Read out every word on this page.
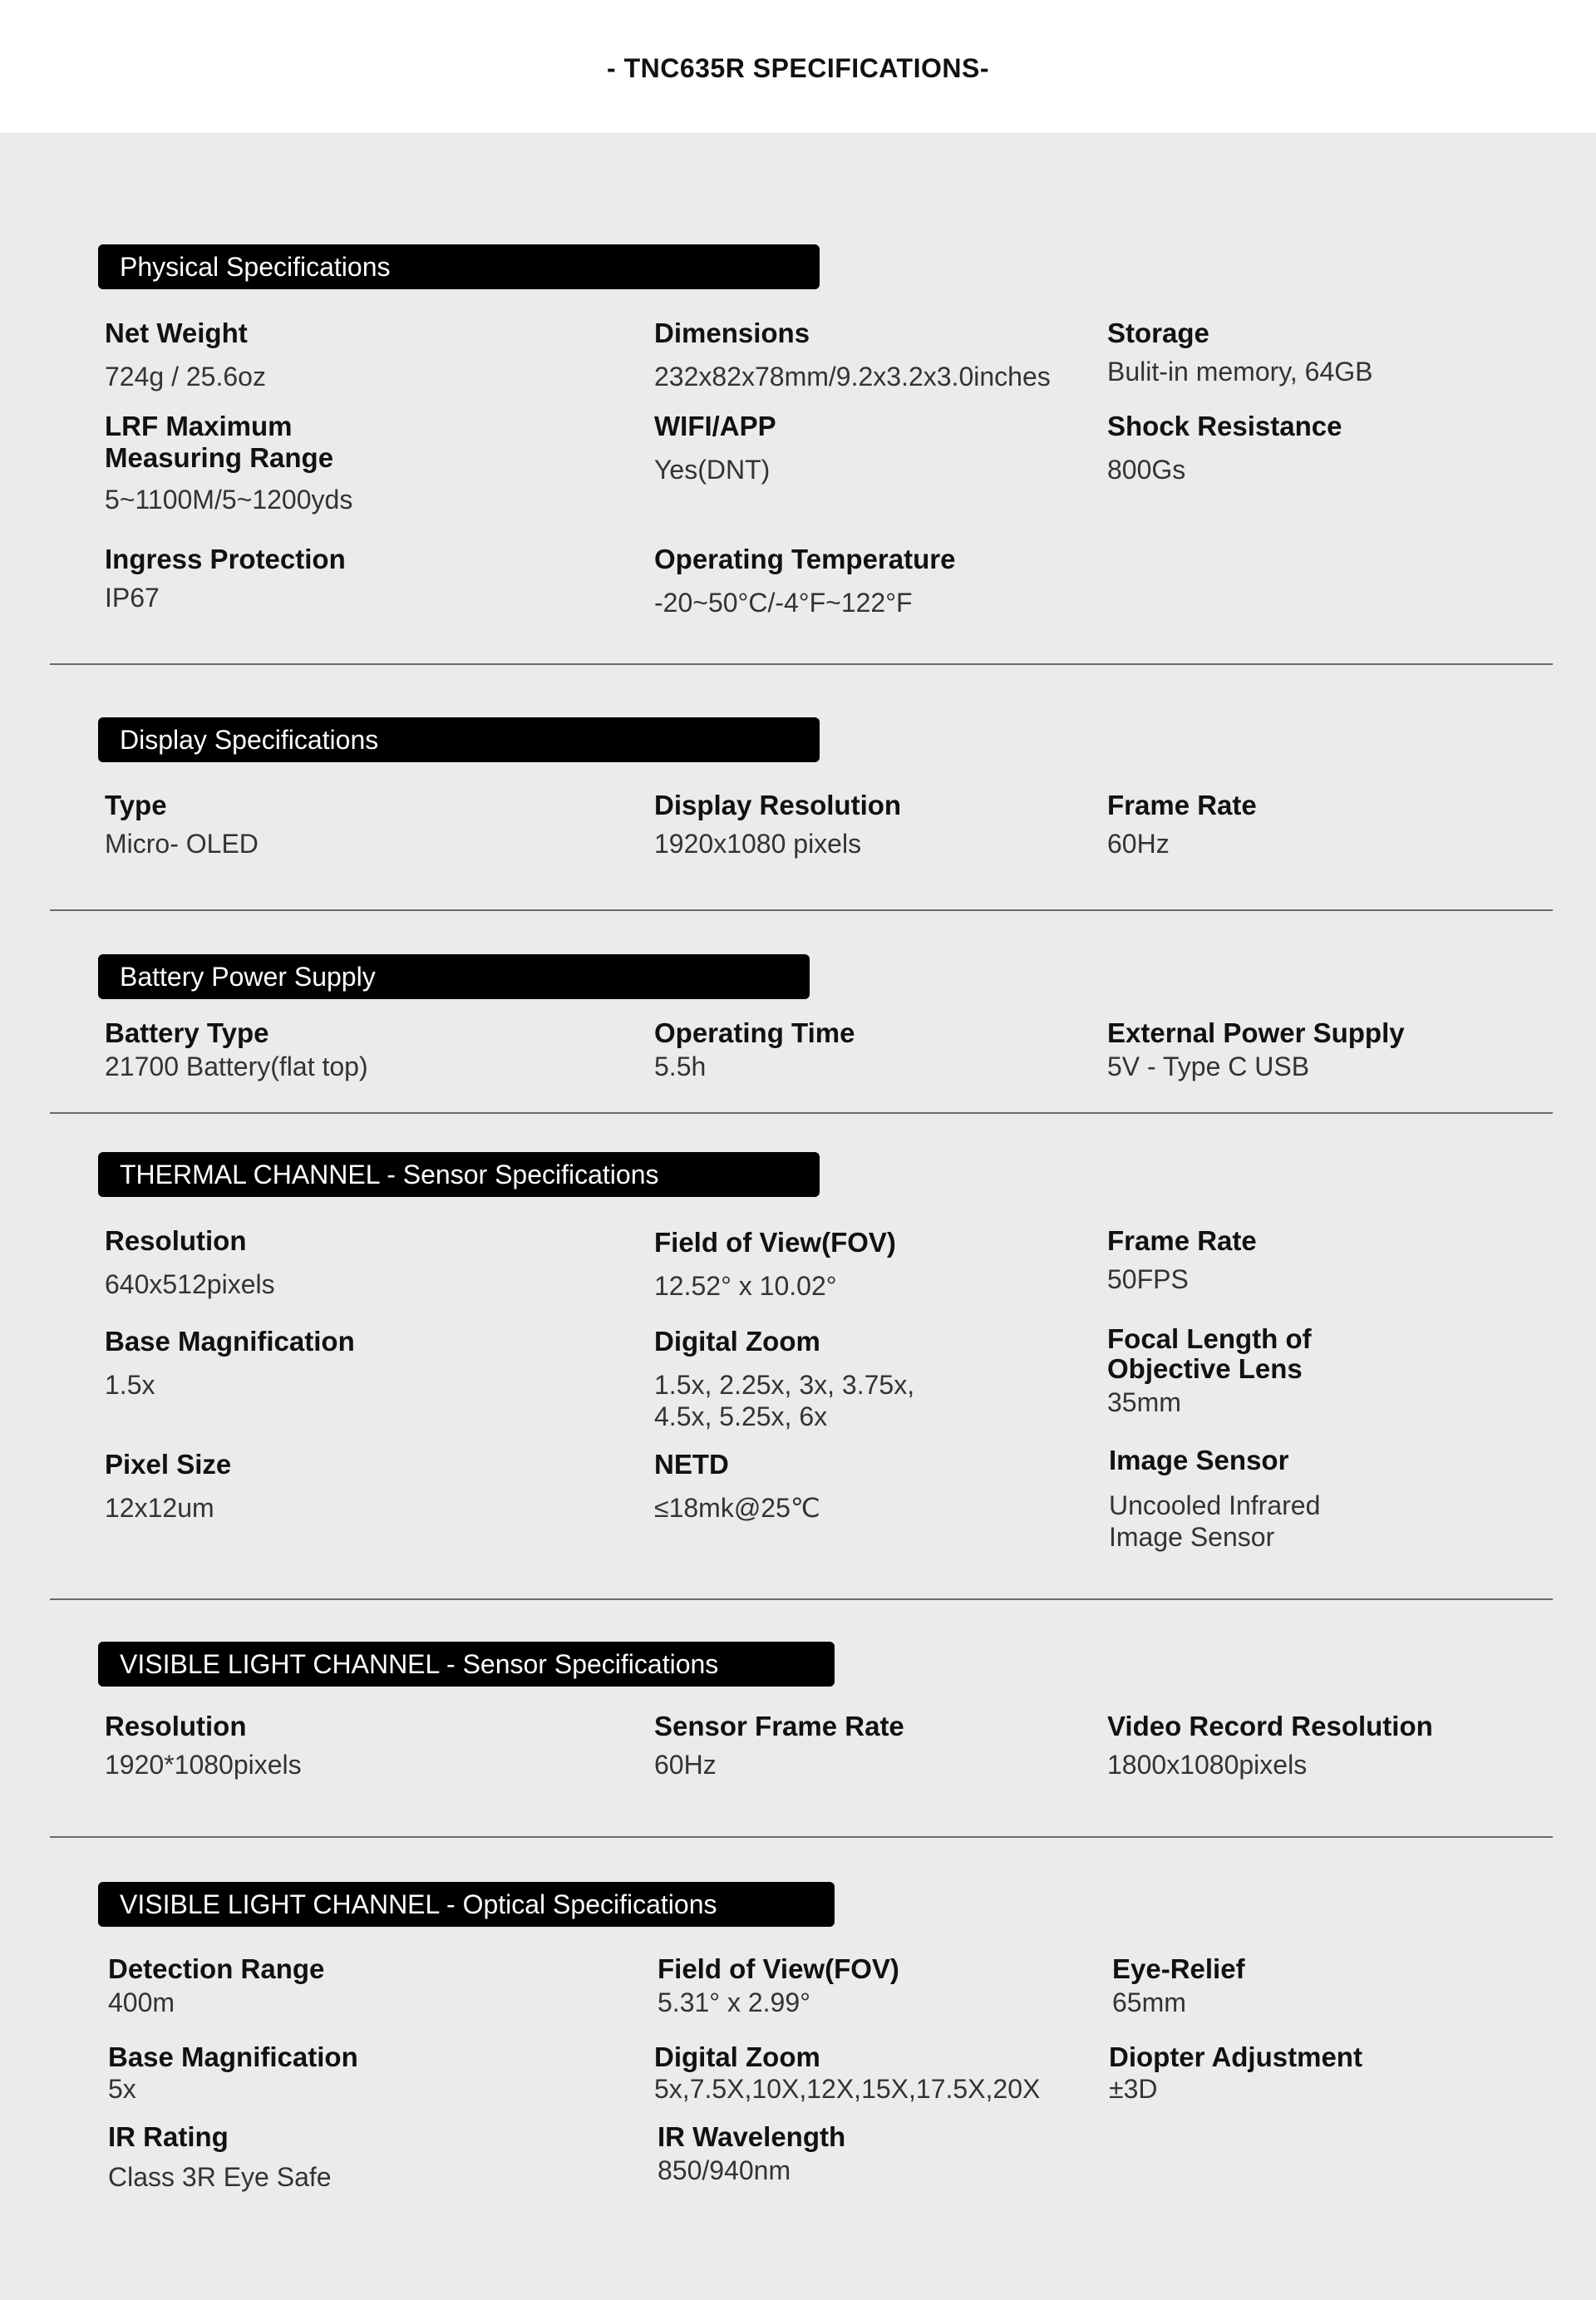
- TNC635R SPECIFICATIONS-
Physical Specifications
Net Weight
724g / 25.6oz
Dimensions
232x82x78mm/9.2x3.2x3.0inches
Storage
Bulit-in memory, 64GB
LRF Maximum
Measuring Range
5~1100M/5~1200yds
WIFI/APP
Yes(DNT)
Shock Resistance
800Gs
Ingress Protection
IP67
Operating Temperature
-20~50°C/-4°F~122°F
Display Specifications
Type
Micro- OLED
Display Resolution
1920x1080 pixels
Frame Rate
60Hz
Battery Power Supply
Battery Type
21700 Battery(flat top)
Operating Time
5.5h
External Power Supply
5V - Type C USB
THERMAL CHANNEL - Sensor Specifications
Resolution
640x512pixels
Field of View(FOV)
12.52° x 10.02°
Frame Rate
50FPS
Base Magnification
1.5x
Digital Zoom
1.5x, 2.25x, 3x, 3.75x,
4.5x, 5.25x, 6x
Focal Length of
Objective Lens
35mm
Pixel Size
12x12um
NETD
≤18mk@25℃
Image Sensor
Uncooled Infrared
Image Sensor
VISIBLE LIGHT CHANNEL - Sensor Specifications
Resolution
1920*1080pixels
Sensor Frame Rate
60Hz
Video Record Resolution
1800x1080pixels
VISIBLE LIGHT CHANNEL - Optical Specifications
Detection Range
400m
Field of View(FOV)
5.31° x 2.99°
Eye-Relief
65mm
Base Magnification
5x
Digital Zoom
5x,7.5X,10X,12X,15X,17.5X,20X
Diopter Adjustment
±3D
IR Rating
Class 3R Eye Safe
IR Wavelength
850/940nm
